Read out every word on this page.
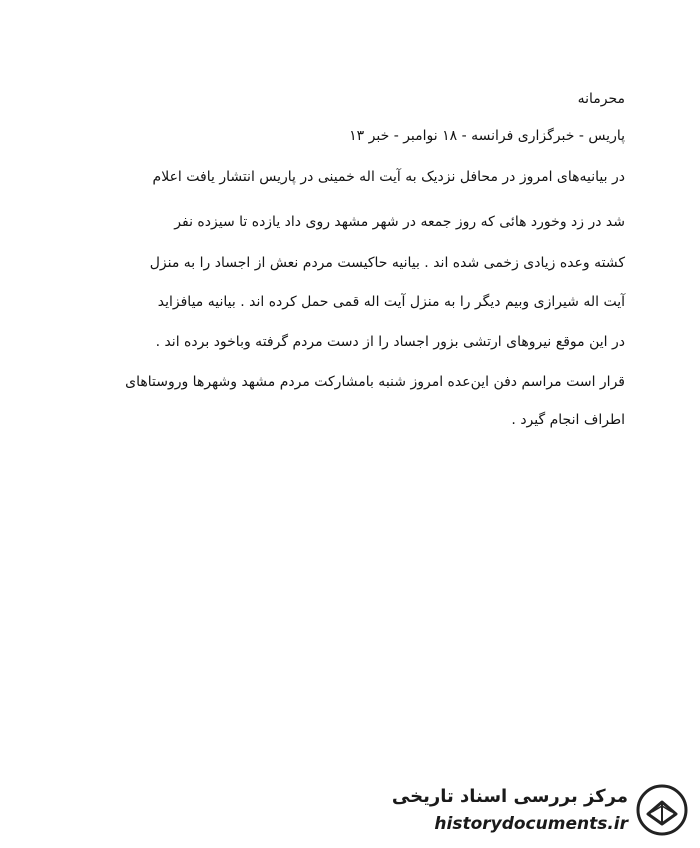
محرمانه
پاریس - خبرگزاری فرانسه - ۱۸ نوامبر - خبر ۱۳
در بیانیه‌های امروز در محافل نزدیک به آیت اله خمینی در پاریس انتشار یافت اعلام
شد در زد وخورد هائی که روز جمعه در شهر مشهد روی داد یازده تا سیزده نفر
کشته وعده زیادی زخمی شده اند . بیانیه حاکیست مردم نعش از اجساد را به منزل
آیت اله شیرازی وبیم دیگر را به منزل آیت اله قمی حمل کرده اند . بیانیه میافزاید
در این موقع نیروهای ارتشی بزور اجساد را از دست مردم گرفته وباخود برده اند .
قرار است مراسم دفن این‌عده امروز شنبه بامشارکت مردم مشهد وشهرها وروستاهای
اطراف انجام گیرد .
مرکز بررسی اسناد تاریخی
historydocuments.ir
